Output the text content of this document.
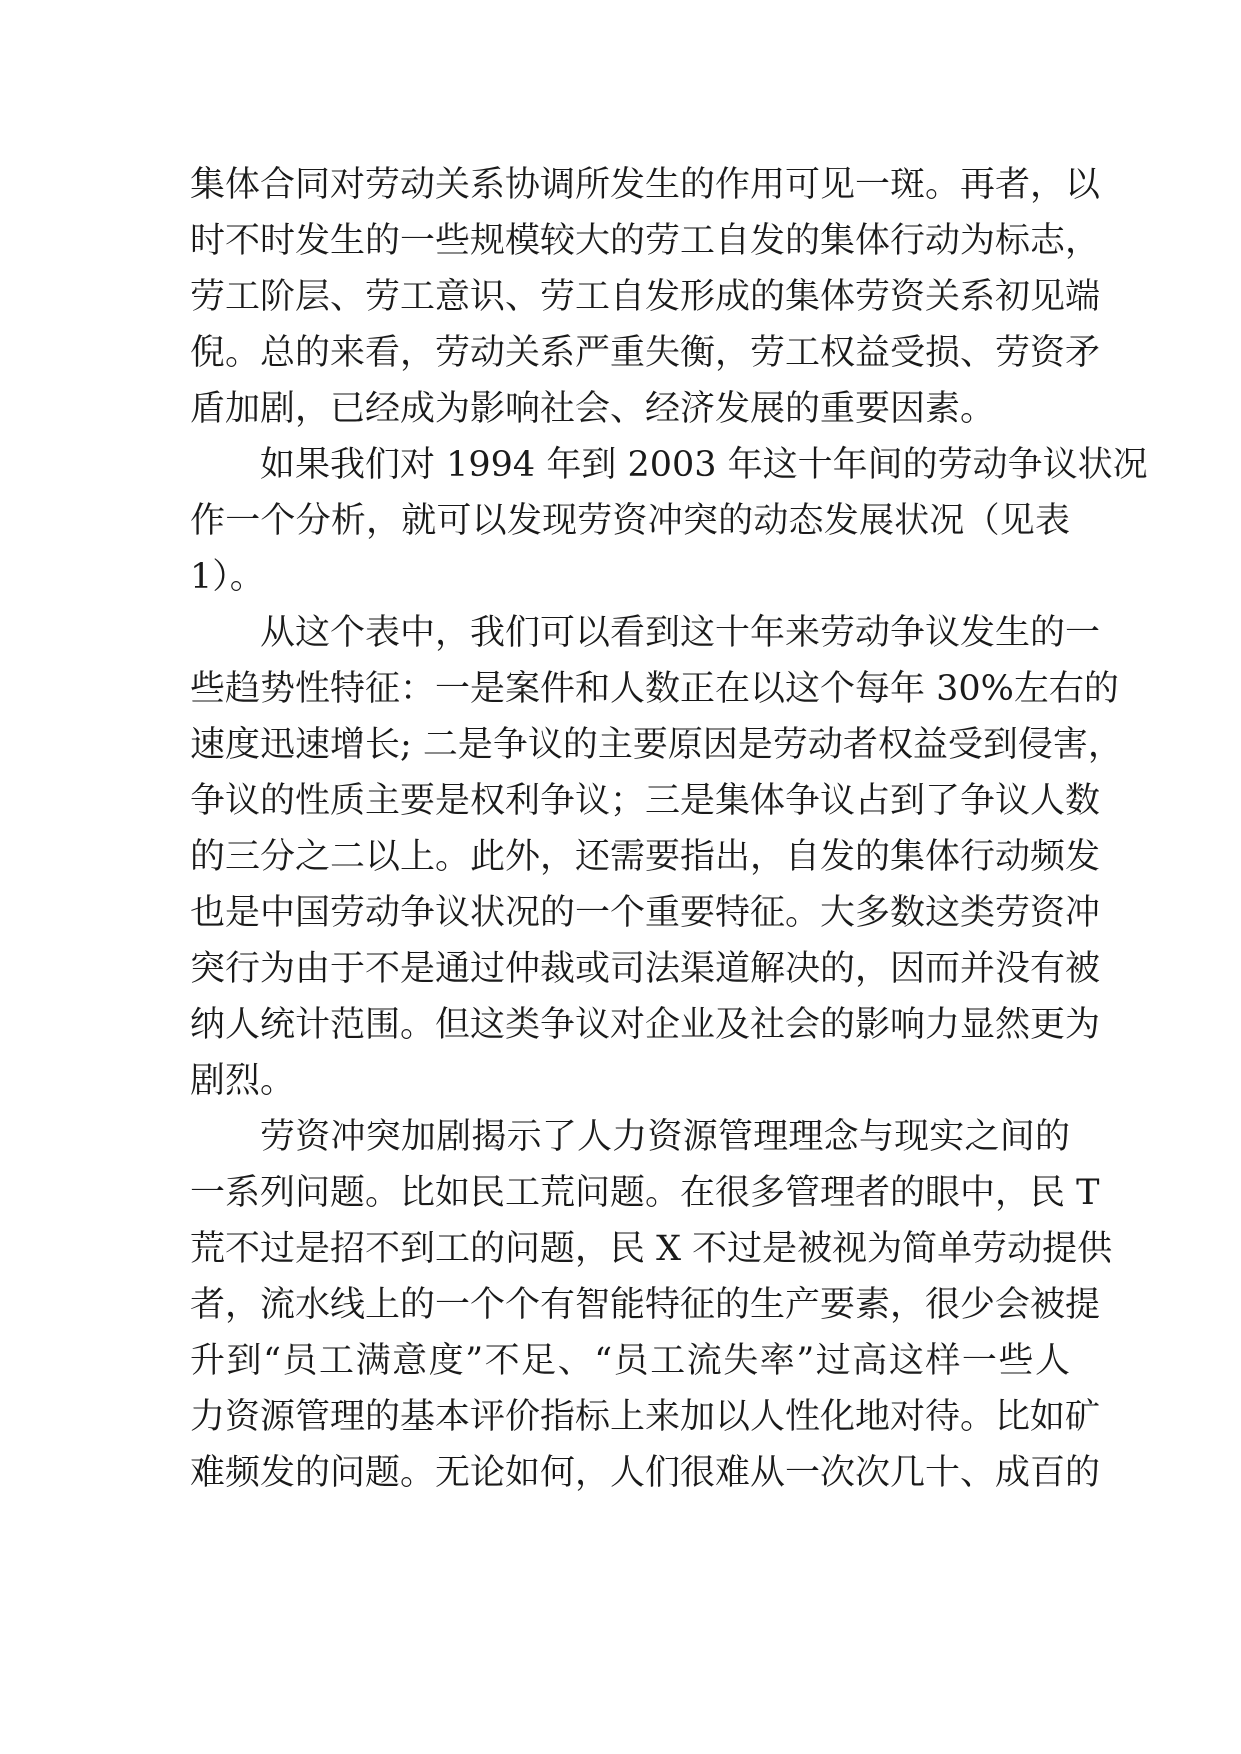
集体合同对劳动关系协调所发生的作用可见一斑。再者，以
时不时发生的一些规模较大的劳工自发的集体行动为标志，
劳工阶层、劳工意识、劳工自发形成的集体劳资关系初见端
倪。总的来看，劳动关系严重失衡，劳工权益受损、劳资矛
盾加剧，已经成为影响社会、经济发展的重要因素。
如果我们对 1994 年到 2003 年这十年间的劳动争议状况
作一个分析，就可以发现劳资冲突的动态发展状况（见表
1）。
从这个表中，我们可以看到这十年来劳动争议发生的一
些趋势性特征：一是案件和人数正在以这个每年 30%左右的
速度迅速增长; 二是争议的主要原因是劳动者权益受到侵害，
争议的性质主要是权利争议；三是集体争议占到了争议人数
的三分之二以上。此外，还需要指出，自发的集体行动频发
也是中国劳动争议状况的一个重要特征。大多数这类劳资冲
突行为由于不是通过仲裁或司法渠道解决的，因而并没有被
纳人统计范围。但这类争议对企业及社会的影响力显然更为
剧烈。
劳资冲突加剧揭示了人力资源管理理念与现实之间的
一系列问题。比如民工荒问题。在很多管理者的眼中，民 T
荒不过是招不到工的问题，民 X 不过是被视为简单劳动提供
者，流水线上的一个个有智能特征的生产要素，很少会被提
升到“员工满意度”不足、“员工流失率”过高这样一些人
力资源管理的基本评价指标上来加以人性化地对待。比如矿
难频发的问题。无论如何，人们很难从一次次几十、成百的
